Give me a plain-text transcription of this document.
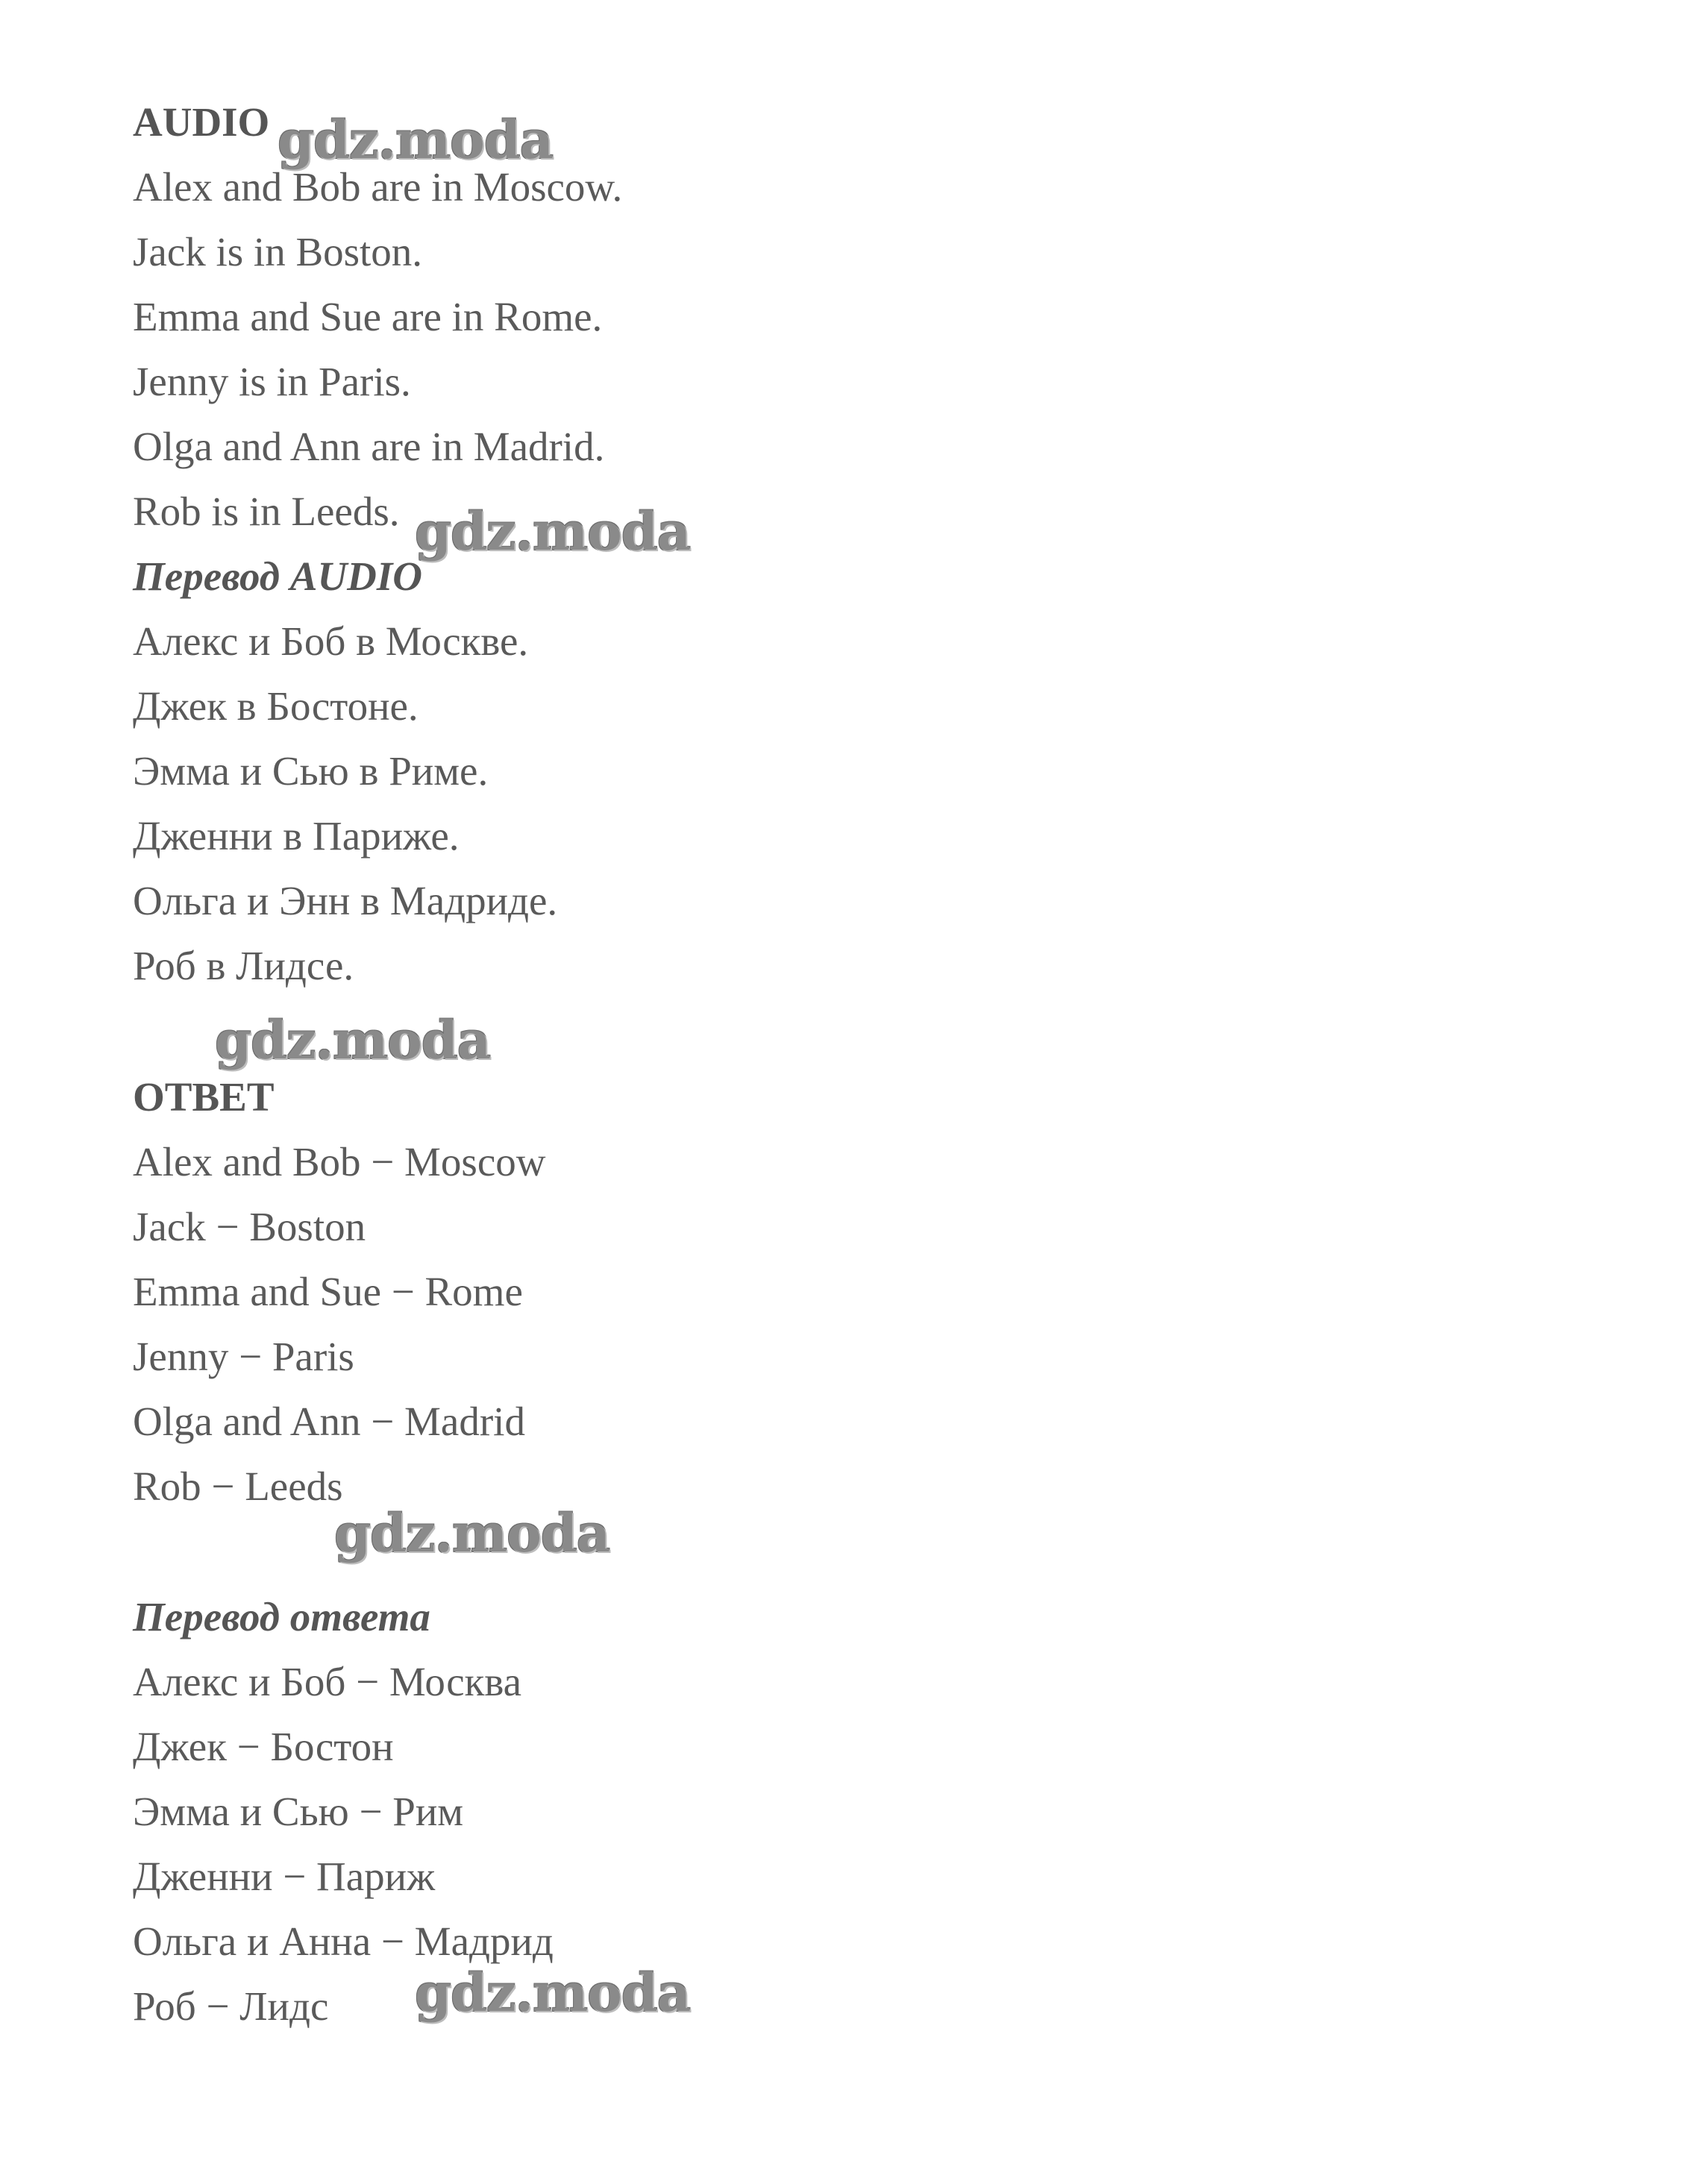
AUDIO
Alex and Bob are in Moscow.
Jack is in Boston.
Emma and Sue are in Rome.
Jenny is in Paris.
Olga and Ann are in Madrid.
Rob is in Leeds.
Перевод AUDIO
Алекс и Боб в Москве.
Джек в Бостоне.
Эмма и Сью в Риме.
Дженни в Париже.
Ольга и Энн в Мадриде.
Роб в Лидсе.
ОТВЕТ
Alex and Bob − Moscow
Jack − Boston
Emma and Sue − Rome
Jenny − Paris
Olga and Ann − Madrid
Rob − Leeds
Перевод ответа
Алекс и Боб − Москва
Джек − Бостон
Эмма и Сью − Рим
Дженни − Париж
Ольга и Анна − Мадрид
Роб − Лидс
gdz.moda
gdz.moda
gdz.moda
gdz.moda
gdz.moda
